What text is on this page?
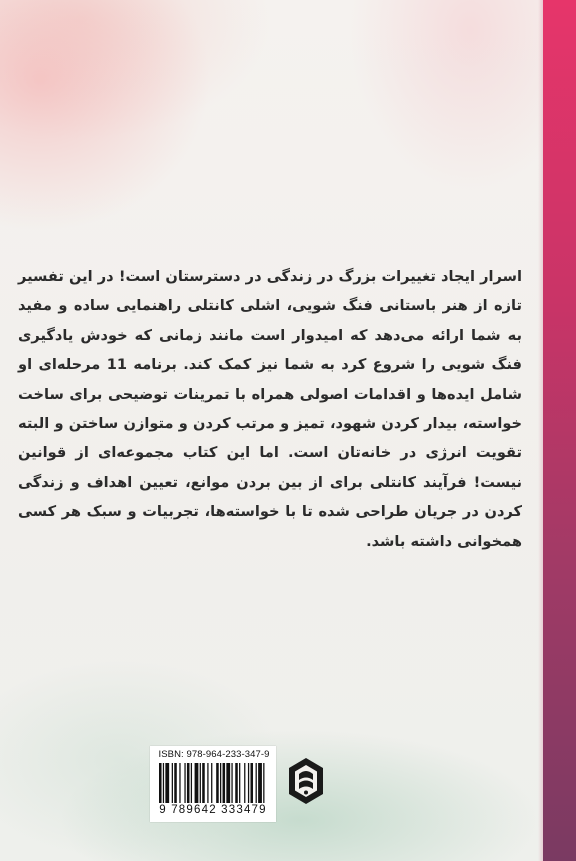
اسرار ایجاد تغییرات بزرگ در زندگی در دسترستان است! در این تفسیر تازه از هنر باستانی فنگ شویی، اشلی کانتلی راهنمایی ساده و مفید به شما ارائه می‌دهد که امیدوار است مانند زمانی که خودش یادگیری فنگ شویی را شروع کرد به شما نیز کمک کند. برنامه 11 مرحله‌ای او شامل ایده‌ها و اقدامات اصولی همراه با تمرینات توضیحی برای ساخت خواسته، بیدار کردن شهود، تمیز و مرتب کردن و متوازن ساختن و البته تقویت انرژی در خانه‌تان است. اما این کتاب مجموعه‌ای از قوانین نیست! فرآیند کانتلی برای از بین بردن موانع، تعیین اهداف و زندگی کردن در جریان طراحی شده تا با خواسته‌ها، تجربیات و سبک هر کسی همخوانی داشته باشد.

ISBN: 978-964-233-347-9
9 789642 333479
